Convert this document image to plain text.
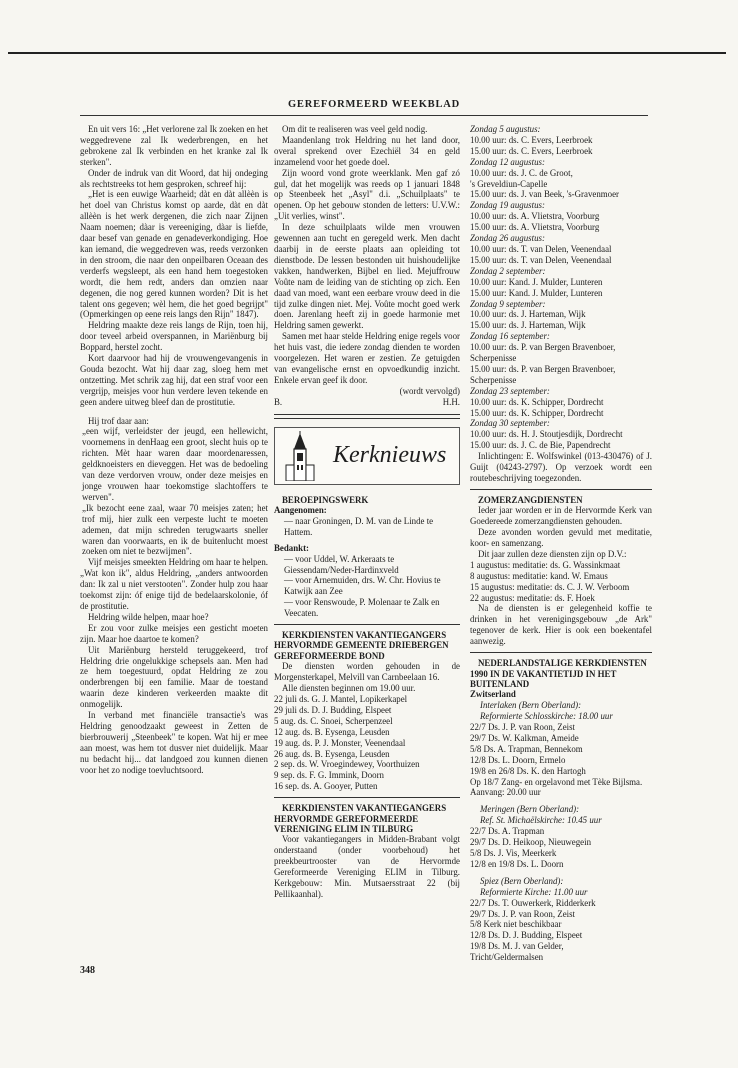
GEREFORMEERD WEEKBLAD

En uit vers 16: „Het verlorene zal Ik zoeken en het weggedrevene zal Ik wederbrengen, en het gebrokene zal Ik verbinden en het kranke zal Ik sterken".

Onder de indruk van dit Woord, dat hij ondeging als rechtstreeks tot hem gesproken, schreef hij:

„Het is een euwige Waarheid; dàt en dàt allèèn is het doel van Christus komst op aarde, dàt en dàt allèèn is het werk dergenen, die zich naar Zijnen Naam noemen; dàar is vereeniging, dàar is liefde, daar besef van genade en genadeverkondiging. Hoe kan iemand, die weggedreven was, reeds verzonken in den stroom, die naar den onpeilbaren Oceaan des verderfs wegsleept, als een hand hem toegestoken wordt, die hem redt, anders dan omzien naar degenen, die nog gered kunnen worden? Dit is het talent ons gegeven; wèl hem, die het goed begrijpt" (Opmerkingen op eene reis langs den Rijn" 1847).

Heldring maakte deze reis langs de Rijn, toen hij, door teveel arbeid overspannen, in Mariënburg bij Boppard, herstel zocht.

Kort daarvoor had hij de vrouwengevangenis in Gouda bezocht. Wat hij daar zag, sloeg hem met ontzetting. Met schrik zag hij, dat een straf voor een vergrijp, meisjes voor hun verdere leven tekende en geen andere uitweg bleef dan de prostitutie.

Hij trof daar aan:

„een wijf, verleidster der jeugd, een hellewicht, voornemens in denHaag een groot, slecht huis op te richten. Mèt haar waren daar moordenaressen, geldknoeisters en dieveggen. Het was de bedoeling van deze verdorven vrouw, onder deze meisjes en jonge vrouwen haar toekomstige slachtoffers te werven".

„Ik bezocht eene zaal, waar 70 meisjes zaten; het trof mij, hier zulk een verpeste lucht te moeten ademen, dat mijn schreden terugwaarts sneller waren dan voorwaarts, en ik de buitenlucht moest zoeken om niet te bezwijmen".

Vijf meisjes smeekten Heldring om haar te helpen. „Wat kon ik", aldus Heldring, „anders antwoorden dan: Ik zal u niet verstooten". Zonder hulp zou haar toekomst zijn: óf enige tijd de bedelaarskolonie, óf de prostitutie.

Heldring wilde helpen, maar hoe?

Er zou voor zulke meisjes een gesticht moeten zijn. Maar hoe daartoe te komen?

Uit Mariënburg hersteld teruggekeerd, trof Heldring drie ongelukkige schepsels aan. Men had ze hem toegestuurd, opdat Heldring ze zou onderbrengen bij een familie. Maar de toestand waarin deze kinderen verkeerden maakte dit onmogelijk.

In verband met financiële transactie's was Heldring genoodzaakt geweest in Zetten de bierbrouwerij „Steenbeek" te kopen. Wat hij er mee aan moest, was hem tot dusver niet duidelijk. Maar nu bedacht hij... dat landgoed zou kunnen dienen voor het zo nodige toevluchtsoord.

Om dit te realiseren was veel geld nodig.

Maandenlang trok Heldring nu het land door, overal sprekend over Ezechiël 34 en geld inzamelend voor het goede doel.

Zijn woord vond grote weerklank. Men gaf zó gul, dat het mogelijk was reeds op 1 januari 1848 op Steenbeek het „Asyl" d.i. „Schuilplaats" te openen. Op het gebouw stonden de letters: U.V.W.: „Uit verlies, winst".

In deze schuilplaats wilde men vrouwen gewennen aan tucht en geregeld werk. Men dacht daarbij in de eerste plaats aan opleiding tot dienstbode. De lessen bestonden uit huishoudelijke vakken, handwerken, Bijbel en lied. Mejuffrouw Voûte nam de leiding van de stichting op zich. Een daad van moed, want een eerbare vrouw deed in die tijd zulke dingen niet. Mej. Voûte mocht goed werk doen. Jarenlang heeft zij in goede harmonie met Heldring samen gewerkt.

Samen met haar stelde Heldring enige regels voor het huis vast, die iedere zondag dienden te worden voorgelezen. Het waren er zestien. Ze getuigden van evangelische ernst en opvoedkundig inzicht. Enkele ervan geef ik door.

(wordt vervolgd)

B.	H.H.
Kerknieuws

BEROEPINGSWERK

Aangenomen:

— naar Groningen, D. M. van de Linde te Hattem.

Bedankt:

— voor Uddel, W. Arkeraats te Giessendam/Neder-Hardinxveld

— voor Arnemuiden, drs. W. Chr. Hovius te Katwijk aan Zee

— voor Renswoude, P. Molenaar te Zalk en Veecaten.

KERKDIENSTEN VAKANTIEGANGERS HERVORMDE GEMEENTE DRIEBERGEN GEREFORMEERDE BOND

De diensten worden gehouden in de Morgensterkapel, Melvill van Carnbeelaan 16.

Alle diensten beginnen om 19.00 uur.

22 juli ds. G. J. Mantel, Lopikerkapel
29 juli ds. D. J. Budding, Elspeet
5 aug. ds. C. Snoei, Scherpenzeel
12 aug. ds. B. Eysenga, Leusden
19 aug. ds. P. J. Monster, Veenendaal
26 aug. ds. B. Eysenga, Leusden
2 sep. ds. W. Vroegindewey, Voorthuizen
9 sep. ds. F. G. Immink, Doorn
16 sep. ds. A. Gooyer, Putten

KERKDIENSTEN VAKANTIEGANGERS HERVORMDE GEREFORMEERDE VERENIGING ELIM IN TILBURG

Voor vakantiegangers in Midden-Brabant volgt onderstaand (onder voorbehoud) het preekbeurtrooster van de Hervormde Gereformeerde Vereniging ELIM in Tilburg. Kerkgebouw: Min. Mutsaersstraat 22 (bij Pellikaanhal).

Zondag 5 augustus:
10.00 uur: ds. C. Evers, Leerbroek
15.00 uur: ds. C. Evers, Leerbroek
Zondag 12 augustus:
10.00 uur: ds. J. C. de Groot,
's Greveldiun-Capelle
15.00 uur: ds. J. van Beek, 's-Gravenmoer
Zondag 19 augustus:
10.00 uur: ds. A. Vlietstra, Voorburg
15.00 uur: ds. A. Vlietstra, Voorburg
Zondag 26 augustus:
10.00 uur: ds. T. van Delen, Veenendaal
15.00 uur: ds. T. van Delen, Veenendaal
Zondag 2 september:
10.00 uur: Kand. J. Mulder, Lunteren
15.00 uur: Kand. J. Mulder, Lunteren
Zondag 9 september:
10.00 uur: ds. J. Harteman, Wijk
15.00 uur: ds. J. Harteman, Wijk
Zondag 16 september:
10.00 uur: ds. P. van Bergen Bravenboer,
Scherpenisse
15.00 uur: ds. P. van Bergen Bravenboer,
Scherpenisse
Zondag 23 september:
10.00 uur: ds. K. Schipper, Dordrecht
15.00 uur: ds. K. Schipper, Dordrecht
Zondag 30 september:
10.00 uur: ds. H. J. Stoutjesdijk, Dordrecht
15.00 uur: ds. J. C. de Bie, Papendrecht

Inlichtingen: E. Wolfswinkel (013-430476) of J. Guijt (04243-2797). Op verzoek wordt een routebeschrijving toegezonden.

ZOMERZANGDIENSTEN

Ieder jaar worden er in de Hervormde Kerk van Goedereede zomerzangdiensten gehouden.

Deze avonden worden gevuld met meditatie, koor- en samenzang.

Dit jaar zullen deze diensten zijn op D.V.:

1 augustus: meditatie: ds. G. Wassinkmaat
8 augustus: meditatie: kand. W. Emaus
15 augustus: meditatie: ds. C. J. W. Verboom
22 augustus: meditatie: ds. F. Hoek

Na de diensten is er gelegenheid koffie te drinken in het verenigingsgebouw „de Ark" tegenover de kerk. Hier is ook een boekentafel aanwezig.

NEDERLANDSTALIGE KERKDIENSTEN 1990 IN DE VAKANTIETIJD IN HET BUITENLAND

Zwitserland

Interlaken (Bern Oberland):
Reformierte Schlosskirche: 18.00 uur
22/7 Ds. J. P. van Roon, Zeist
29/7 Ds. W. Kalkman, Ameide
5/8 Ds. A. Trapman, Bennekom
12/8 Ds. L. Doorn, Ermelo
19/8 en 26/8 Ds. K. den Hartogh
Op 18/7 Zang- en orgelavond met Tèke Bijlsma. Aanvang: 20.00 uur
Meringen (Bern Oberland):
Ref. St. Michaëlskirche: 10.45 uur
22/7 Ds. A. Trapman
29/7 Ds. D. Heikoop, Nieuwegein
5/8 Ds. J. Vis, Meerkerk
12/8 en 19/8 Ds. L. Doorn
Spiez (Bern Oberland):
Reformierte Kirche: 11.00 uur
22/7 Ds. T. Ouwerkerk, Ridderkerk
29/7 Ds. J. P. van Roon, Zeist
5/8 Kerk niet beschikbaar
12/8 Ds. D. J. Budding, Elspeet
19/8 Ds. M. J. van Gelder,
Tricht/Geldermalsen
348
